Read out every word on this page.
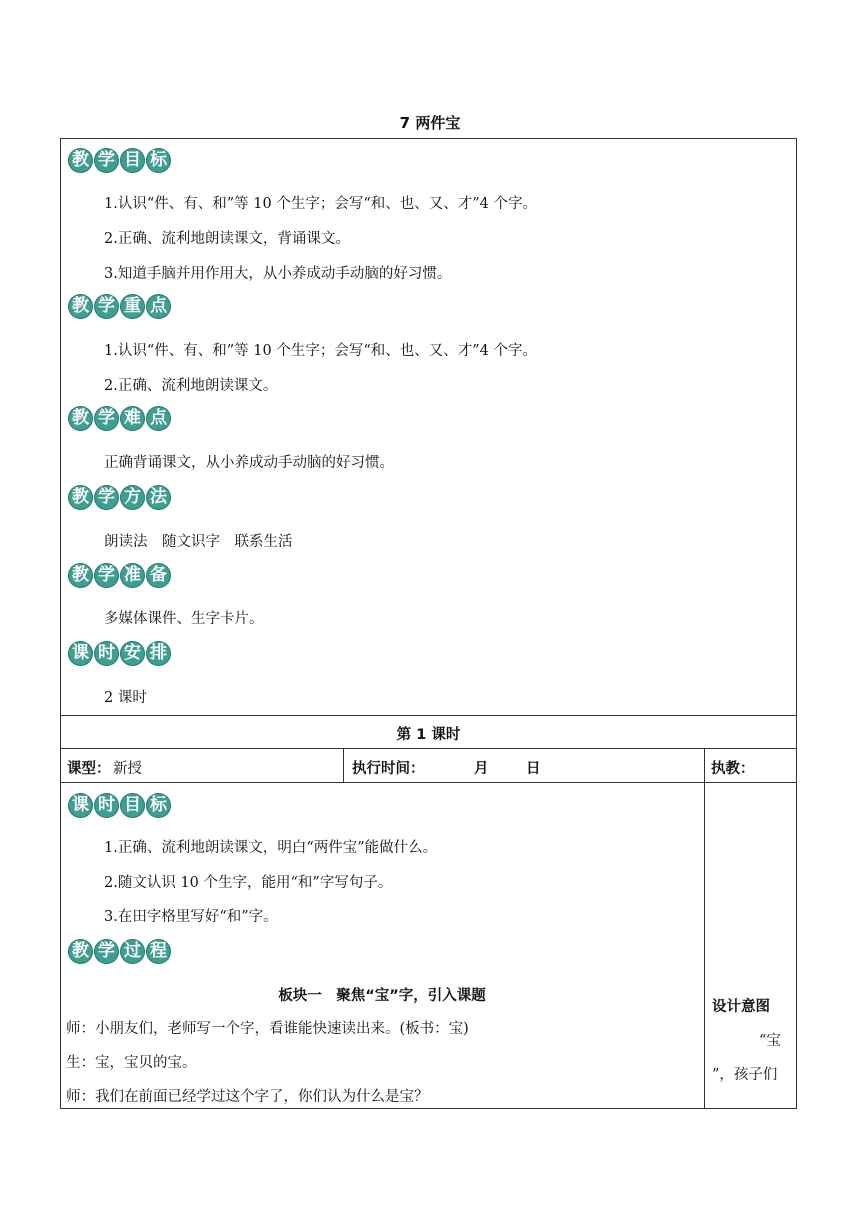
7 两件宝
教 学 目 标
1.认识“件、有、和”等 10 个生字；会写“和、也、又、才”4 个字。
2.正确、流利地朗读课文，背诵课文。
3.知道手脑并用作用大，从小养成动手动脑的好习惯。
教 学 重 点
1.认识“件、有、和”等 10 个生字；会写“和、也、又、才”4 个字。
2.正确、流利地朗读课文。
教 学 难 点
正确背诵课文，从小养成动手动脑的好习惯。
教 学 方 法
朗读法　随文识字　联系生活
教 学 准 备
多媒体课件、生字卡片。
课 时 安 排
2 课时
第 1 课时
课型： 新授	执行时间：	月	日	执教：
课 时 目 标
1.正确、流利地朗读课文，明白“两件宝”能做什么。
2.随文认识 10 个生字，能用“和”字写句子。
3.在田字格里写好“和”字。
教 学 过 程
板块一　聚焦“宝”字，引入课题
师：小朋友们，老师写一个字，看谁能快速读出来。(板书：宝)
生：宝，宝贝的宝。
师：我们在前面已经学过这个字了，你们认为什么是宝？
设计意图
“宝
”，孩子们
